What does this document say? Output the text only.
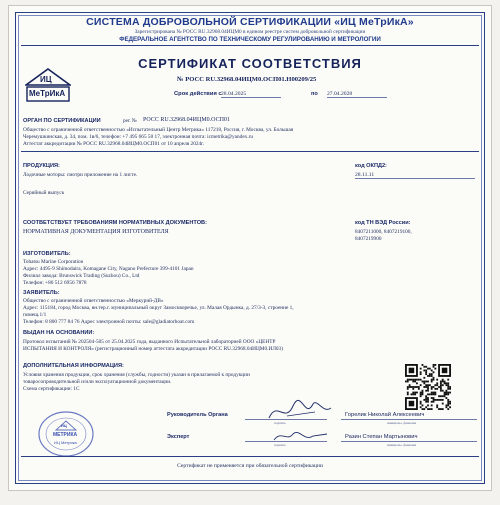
СИСТЕМА ДОБРОВОЛЬНОЙ СЕРТИФИКАЦИИ «ИЦ МеТрИкА»
Зарегистрирована № РОСС RU.32968.04ИЦМ0 в едином реестре систем добровольной сертификации
ФЕДЕРАЛЬНОЕ АГЕНТСТВО ПО ТЕХНИЧЕСКОМУ РЕГУЛИРОВАНИЮ И МЕТРОЛОГИИ
СЕРТИФИКАТ СООТВЕТСТВИЯ
ИЦ
МеТрИкА
№ РОСС RU.32968.04ИЦМ0.ОСП01.Н00209/25
Срок действия с 28.04.2025	по 27.04.2028
ОРГАН ПО СЕРТИФИКАЦИИ	рег. № РОСС RU.32968.04ИЦМ0.ОСП01
Общество с ограниченной ответственностью «Испытательный Центр Метрика» 117218, Россия, г. Москва, ул. Большая
Черемушкинская, д. 34, пом. 1в/6, телефон: +7 495 665 50 17, электронная почта: icmetrika@yandex.ru
Аттестат аккредитации № РОСС RU.32968.04ИЦМ0.ОСП01 от 10 апреля 2024г.
ПРОДУКЦИЯ:
Лодочные моторы: смотри приложение на 1 листе.
Серийный выпуск
код ОКПД2:
28.11.11
СООТВЕТСТВУЕТ ТРЕБОВАНИЯМ НОРМАТИВНЫХ ДОКУМЕНТОВ:
НОРМАТИВНАЯ ДОКУМЕНТАЦИЯ ИЗГОТОВИТЕЛЯ
код ТН ВЭД России:
8407211000, 8407219100,
8407219900
ИЗГОТОВИТЕЛЬ:
Tohatsu Marine Corporation
Адрес: 4495-9 Shimodaira, Komagane City, Nagano Prefecture 399-4101 Japan
Филиал завода: Brunswick Trading (Suzhou) Co., Ltd
Телефон: +86 512 6956 7878
ЗАЯВИТЕЛЬ:
Общество с ограниченной ответственностью «Меркурий-ДВ»
Адрес: 115184, город Москва, вн.тер.г. муниципальный округ Замоскворечье, ул. Малая Ордынка, д. 27/3-3, строение 1,
помещ.1/1
Телефон: 8 800 777 84 76 Адрес электронной почты: sale@gladiatorboat.com
ВЫДАН НА ОСНОВАНИИ:
Протокол испытаний № 202504-505 от 25.04.2025 года, выданного Испытательной лабораторией ООО «ЦЕНТР
ИСПЫТАНИЯ И КОНТРОЛЯ» (регистрационный номер аттестата аккредитации РОСС RU.32968.04ИЦМ0.ИЛ03)
ДОПОЛНИТЕЛЬНАЯ ИНФОРМАЦИЯ:
Условия хранения продукции, срок хранения (службы, годности) указан в прилагаемой к продукции
товаросопроводительной и/или эксплуатационной документации.
Схема сертификации: 1С
ИЦ
МЕТРИКА
ИЦ Метрика
Руководитель Органа
подпись
Горелик Николай Алексеевич
инициалы, фамилия
Эксперт
подпись
Разин Степан Мартынович
инициалы, фамилия
Сертификат не применяется при обязательной сертификации
